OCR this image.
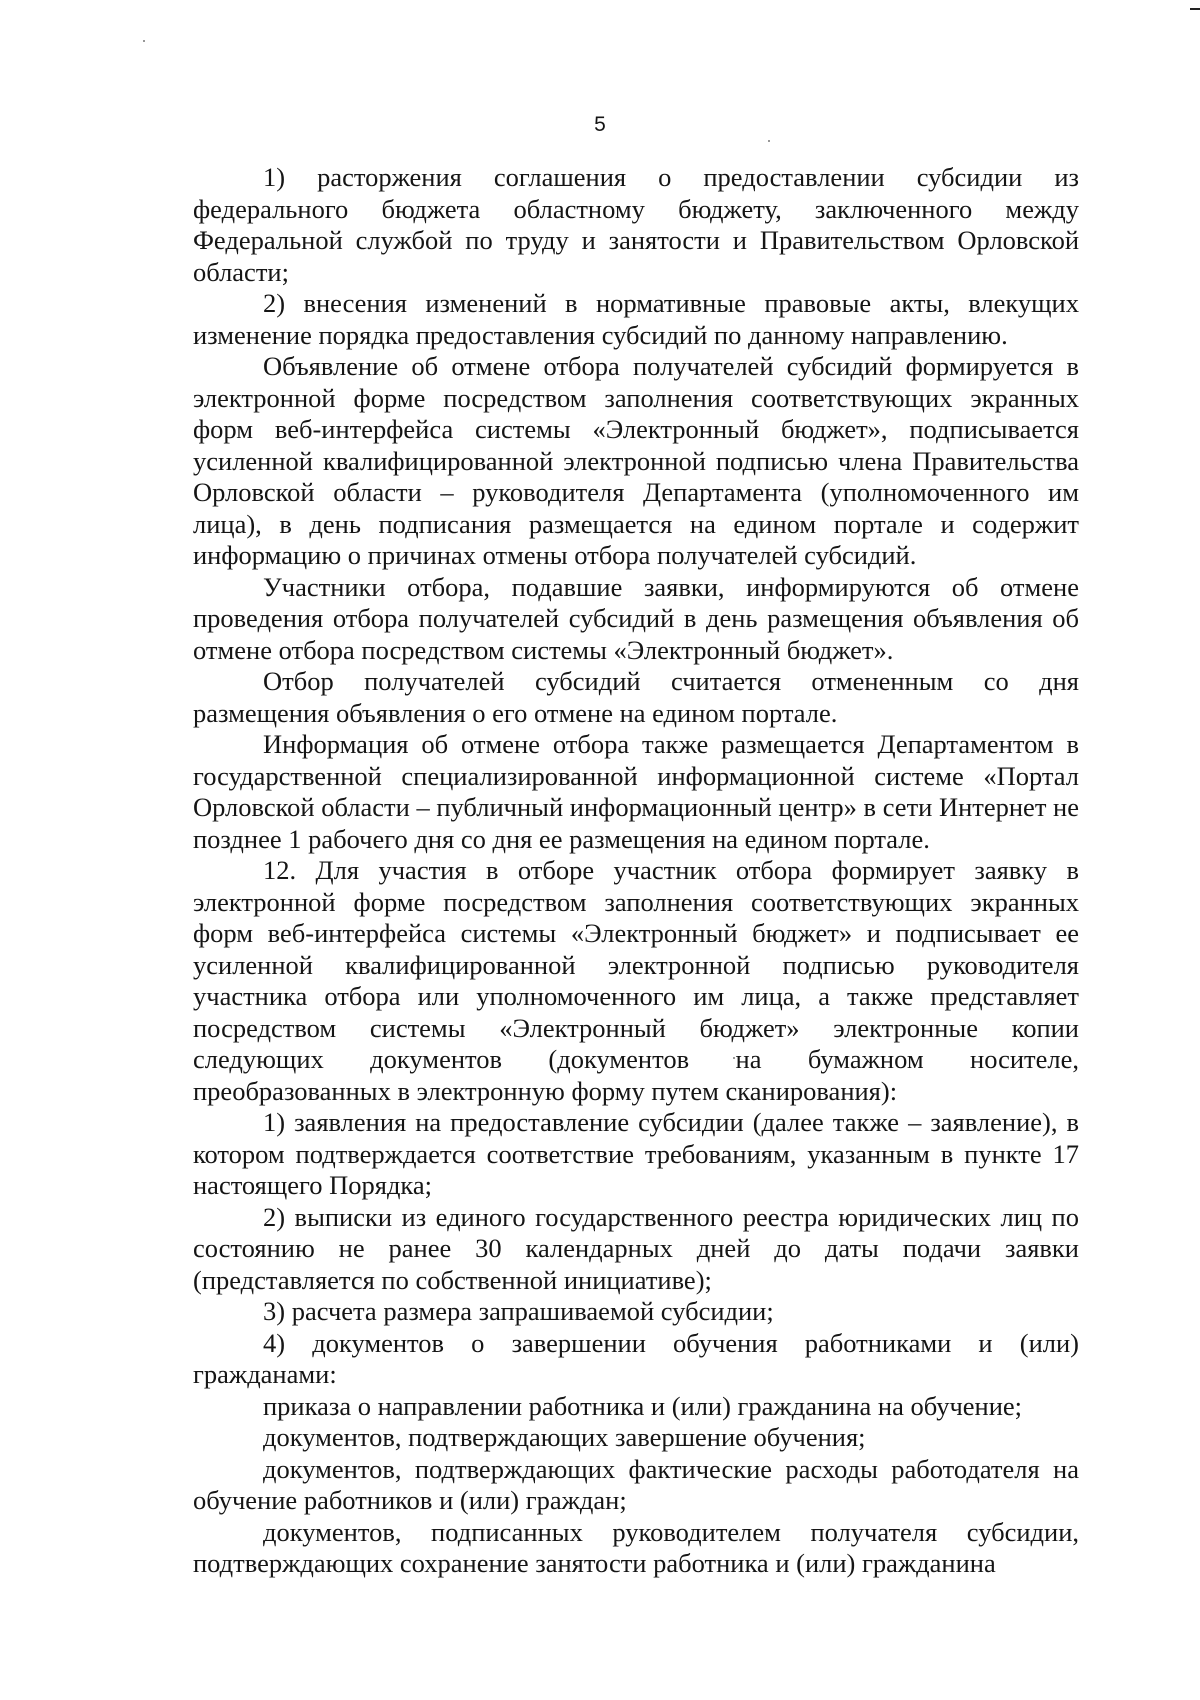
5

1) расторжения соглашения о предоставлении субсидии из федерального бюджета областному бюджету, заключенного между Федеральной службой по труду и занятости и Правительством Орловской области;

2) внесения изменений в нормативные правовые акты, влекущих изменение порядка предоставления субсидий по данному направлению.

Объявление об отмене отбора получателей субсидий формируется в электронной форме посредством заполнения соответствующих экранных форм веб-интерфейса системы «Электронный бюджет», подписывается усиленной квалифицированной электронной подписью члена Правительства Орловской области – руководителя Департамента (уполномоченного им лица), в день подписания размещается на едином портале и содержит информацию о причинах отмены отбора получателей субсидий.

Участники отбора, подавшие заявки, информируются об отмене проведения отбора получателей субсидий в день размещения объявления об отмене отбора посредством системы «Электронный бюджет».

Отбор получателей субсидий считается отмененным со дня размещения объявления о его отмене на едином портале.

Информация об отмене отбора также размещается Департаментом в государственной специализированной информационной системе «Портал Орловской области – публичный информационный центр» в сети Интернет не позднее 1 рабочего дня со дня ее размещения на едином портале.

12. Для участия в отборе участник отбора формирует заявку в электронной форме посредством заполнения соответствующих экранных форм веб-интерфейса системы «Электронный бюджет» и подписывает ее усиленной квалифицированной электронной подписью руководителя участника отбора или уполномоченного им лица, а также представляет посредством системы «Электронный бюджет» электронные копии следующих документов (документов на бумажном носителе, преобразованных в электронную форму путем сканирования):

1) заявления на предоставление субсидии (далее также – заявление), в котором подтверждается соответствие требованиям, указанным в пункте 17 настоящего Порядка;

2) выписки из единого государственного реестра юридических лиц по состоянию не ранее 30 календарных дней до даты подачи заявки (представляется по собственной инициативе);

3) расчета размера запрашиваемой субсидии;

4) документов о завершении обучения работниками и (или) гражданами:

приказа о направлении работника и (или) гражданина на обучение;

документов, подтверждающих завершение обучения;

документов, подтверждающих фактические расходы работодателя на обучение работников и (или) граждан;

документов, подписанных руководителем получателя субсидии, подтверждающих сохранение занятости работника и (или) гражданина
